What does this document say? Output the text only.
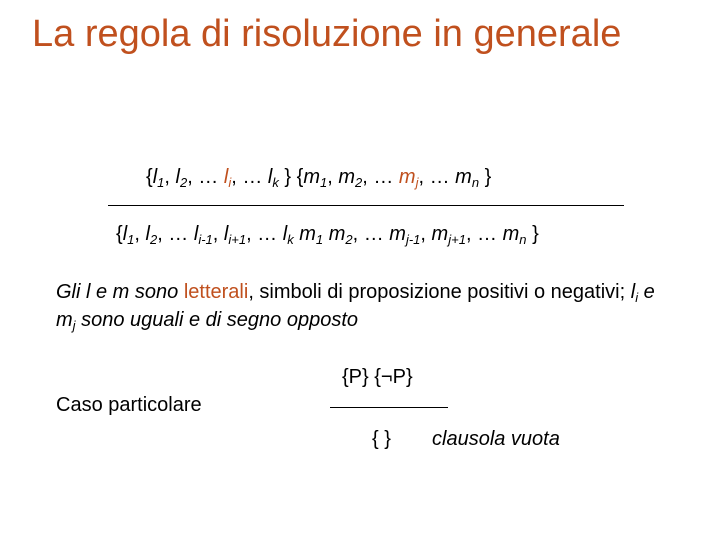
La regola di risoluzione in generale
{$l_1$, $l_2$, … $l_i$, … $l_k$ } {$m_1$, $m_2$, … $m_j$, … $m_n$ }
{$l_1$, $l_2$, … $l_{i-1}$, $l_{i+1}$, … $l_k$ $m_1$ $m_2$, … $m_{j-1}$, $m_{j+1}$, … $m_n$ }
Gli l e m sono letterali, simboli di proposizione positivi o negativi; $l_i$ e $m_j$ sono uguali e di segno opposto
Caso particolare
{P} {¬P}
{ } clausola vuota
